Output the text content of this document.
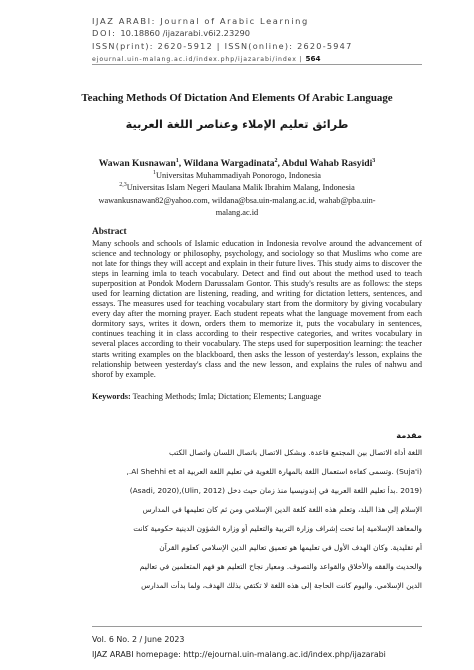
IJAZ ARABI: Journal of Arabic Learning
DOI: 10.18860 /ijazarabi.v6i2.23290
ISSN(print): 2620-5912 | ISSN(online): 2620-5947
ejournal.uin-malang.ac.id/index.php/ijazarabi/index | 564
Teaching Methods Of Dictation And Elements Of Arabic Language
طرائق تعليم الإملاء وعناصر اللغة العربية
Wawan Kusnawan$^1$, Wildana Wargadinata$^2$, Abdul Wahab Rasyidi$^3$
$^1$Universitas Muhammadiyah Ponorogo, Indonesia
$^{2,3}$Universitas Islam Negeri Maulana Malik Ibrahim Malang, Indonesia
wawankusnawan82@yahoo.com, wildana@bsa.uin-malang.ac.id, wahab@pba.uin-
malang.ac.id
Abstract
Many schools and schools of Islamic education in Indonesia revolve around the advancement of science and technology or philosophy, psychology, and sociology so that Muslims who come are not late for things they will accept and explain in their future lives. This study aims to discover the steps in learning imla to teach vocabulary. Detect and find out about the method used to teach superposition at Pondok Modern Darussalam Gontor. This study's results are as follows: the steps used for learning dictation are listening, reading, and writing for dictation letters, sentences, and essays. The measures used for teaching vocabulary start from the dormitory by giving vocabulary every day after the morning prayer. Each student repeats what the language movement from each dormitory says, writes it down, orders them to memorize it, puts the vocabulary in sentences, continues teaching it in class according to their respective categories, and writes vocabulary in several places according to their vocabulary. The steps used for superposition learning: the teacher starts writing examples on the blackboard, then asks the lesson of yesterday's lesson, explains the relationship between yesterday's class and the new lesson, and explains the rules of nahwu and shorof by example.
Keywords: Teaching Methods; Imla; Dictation; Elements; Language
مقدمة
اللغة أداة الاتصال بين المجتمع قاعدة. وبشكل الاتصال باتصال اللسان واتصال الكتب
(Suja'i) .وتسمى كفاءة استعمال اللغة بالمهارة اللغوية في تعليم اللغة العربية Al Shehhi et al.,
(2019 .بدأ تعليم اللغة العربية في إندونيسيا منذ زمان حيث دخل (Ulin, 2012),(Asadi, 2020)
الإسلام إلى هذا البلد، وتعلم هذه اللغة كلغة الدين الإسلامي ومن ثم كان تعليمها في المدارس
والمعاهد الإسلامية إما تحت إشراف وزارة التربية والتعليم أو وزارة الشؤون الدينية حكومية كانت
أم تقليدية. وكان الهدف الأول في تعليمها هو تعميق تعاليم الدين الإسلامي كعلوم القرآن
والحديث والفقه والأخلاق والقواعد والتصوف. ومعيار نجاح التعليم هو فهم المتعلمين في تعاليم
الدين الإسلامي. واليوم كانت الحاجة إلى هذه اللغة لا تكتفي بذلك الهدف، ولما بدأت المدارس
Vol. 6 No. 2 / June 2023
IJAZ ARABI homepage: http://ejournal.uin-malang.ac.id/index.php/ijazarabi
